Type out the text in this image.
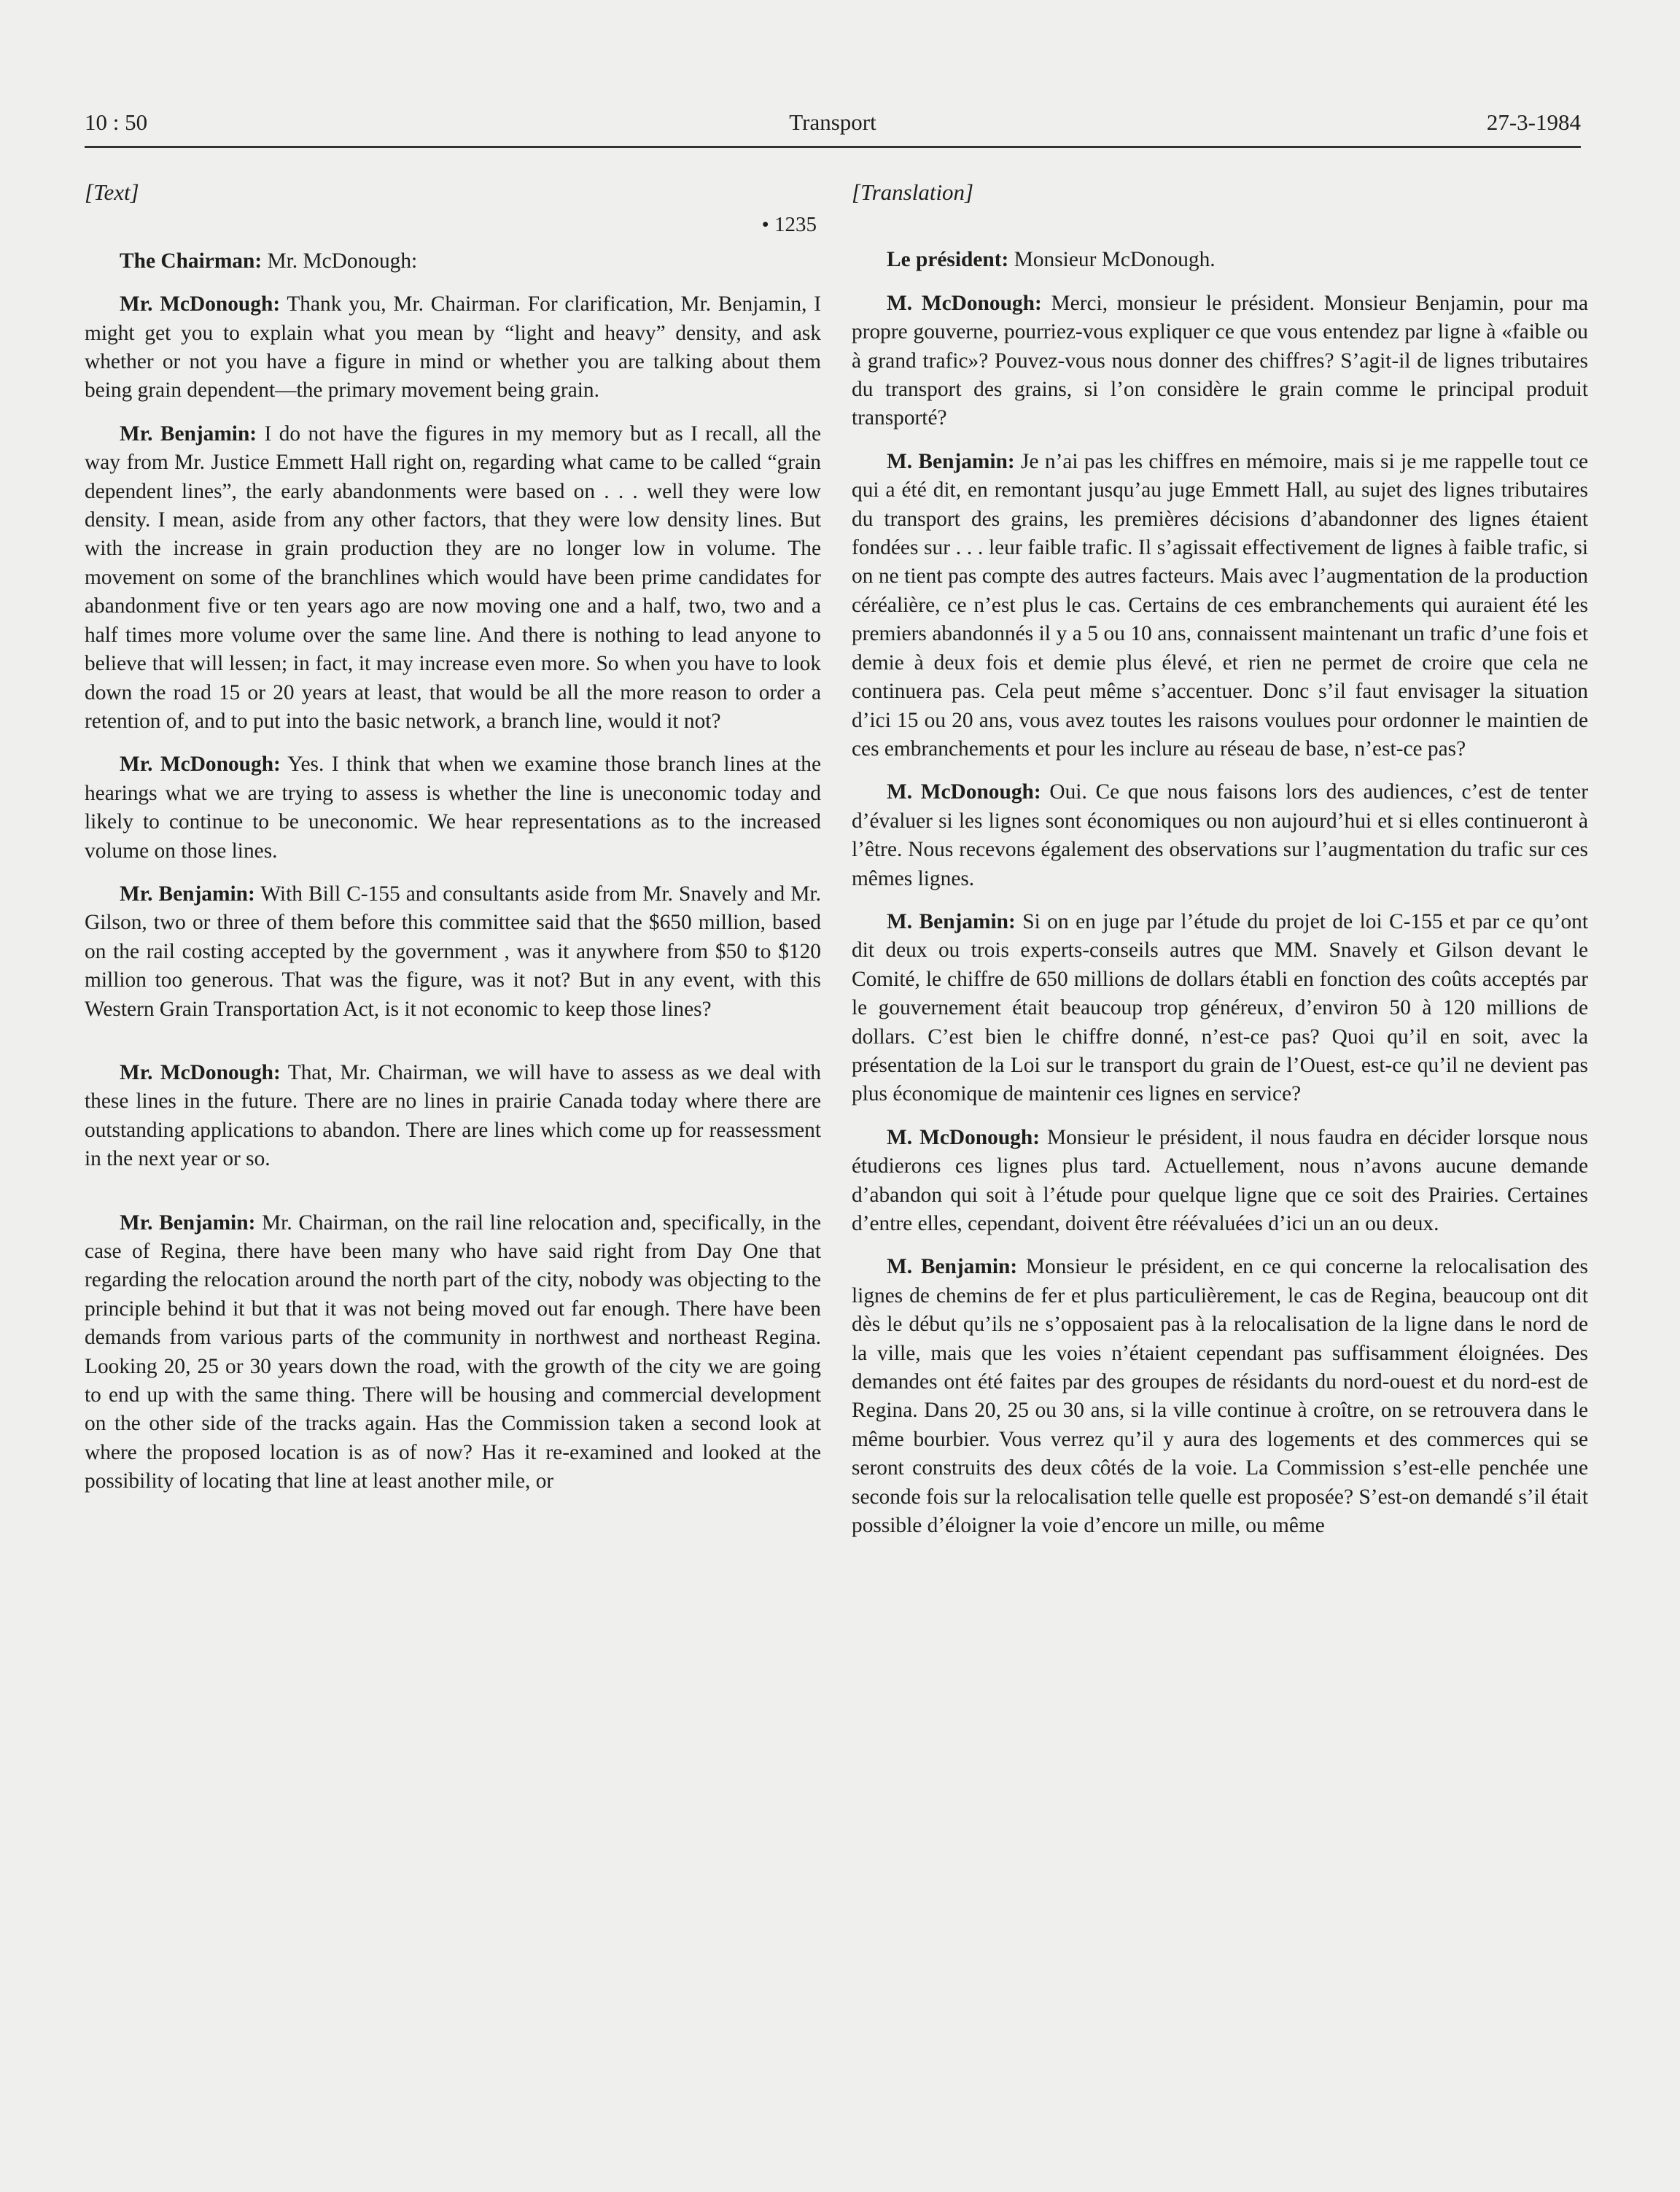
10 : 50	Transport	27-3-1984

[Text]

• 1235

The Chairman: Mr. McDonough:

Mr. McDonough: Thank you, Mr. Chairman. For clarification, Mr. Benjamin, I might get you to explain what you mean by “light and heavy” density, and ask whether or not you have a figure in mind or whether you are talking about them being grain dependent—the primary movement being grain.

Mr. Benjamin: I do not have the figures in my memory but as I recall, all the way from Mr. Justice Emmett Hall right on, regarding what came to be called “grain dependent lines”, the early abandonments were based on . . . well they were low density. I mean, aside from any other factors, that they were low density lines. But with the increase in grain production they are no longer low in volume. The movement on some of the branchlines which would have been prime candidates for abandonment five or ten years ago are now moving one and a half, two, two and a half times more volume over the same line. And there is nothing to lead anyone to believe that will lessen; in fact, it may increase even more. So when you have to look down the road 15 or 20 years at least, that would be all the more reason to order a retention of, and to put into the basic network, a branch line, would it not?

Mr. McDonough: Yes. I think that when we examine those branch lines at the hearings what we are trying to assess is whether the line is uneconomic today and likely to continue to be uneconomic. We hear representations as to the increased volume on those lines.

Mr. Benjamin: With Bill C-155 and consultants aside from Mr. Snavely and Mr. Gilson, two or three of them before this committee said that the $650 million, based on the rail costing accepted by the government , was it anywhere from $50 to $120 million too generous. That was the figure, was it not? But in any event, with this Western Grain Transportation Act, is it not economic to keep those lines?

Mr. McDonough: That, Mr. Chairman, we will have to assess as we deal with these lines in the future. There are no lines in prairie Canada today where there are outstanding applications to abandon. There are lines which come up for reassessment in the next year or so.

Mr. Benjamin: Mr. Chairman, on the rail line relocation and, specifically, in the case of Regina, there have been many who have said right from Day One that regarding the relocation around the north part of the city, nobody was objecting to the principle behind it but that it was not being moved out far enough. There have been demands from various parts of the community in northwest and northeast Regina. Looking 20, 25 or 30 years down the road, with the growth of the city we are going to end up with the same thing. There will be housing and commercial development on the other side of the tracks again. Has the Commission taken a second look at where the proposed location is as of now? Has it re-examined and looked at the possibility of locating that line at least another mile, or

[Translation]

Le président: Monsieur McDonough.

M. McDonough: Merci, monsieur le président. Monsieur Benjamin, pour ma propre gouverne, pourriez-vous expliquer ce que vous entendez par ligne à «faible ou à grand trafic»? Pouvez-vous nous donner des chiffres? S’agit-il de lignes tributaires du transport des grains, si l’on considère le grain comme le principal produit transporté?

M. Benjamin: Je n’ai pas les chiffres en mémoire, mais si je me rappelle tout ce qui a été dit, en remontant jusqu’au juge Emmett Hall, au sujet des lignes tributaires du transport des grains, les premières décisions d’abandonner des lignes étaient fondées sur . . . leur faible trafic. Il s’agissait effectivement de lignes à faible trafic, si on ne tient pas compte des autres facteurs. Mais avec l’augmentation de la production céréalière, ce n’est plus le cas. Certains de ces embranchements qui auraient été les premiers abandonnés il y a 5 ou 10 ans, connaissent maintenant un trafic d’une fois et demie à deux fois et demie plus élevé, et rien ne permet de croire que cela ne continuera pas. Cela peut même s’accentuer. Donc s’il faut envisager la situation d’ici 15 ou 20 ans, vous avez toutes les raisons voulues pour ordonner le maintien de ces embranchements et pour les inclure au réseau de base, n’est-ce pas?

M. McDonough: Oui. Ce que nous faisons lors des audiences, c’est de tenter d’évaluer si les lignes sont économiques ou non aujourd’hui et si elles continueront à l’être. Nous recevons également des observations sur l’augmentation du trafic sur ces mêmes lignes.

M. Benjamin: Si on en juge par l’étude du projet de loi C-155 et par ce qu’ont dit deux ou trois experts-conseils autres que MM. Snavely et Gilson devant le Comité, le chiffre de 650 millions de dollars établi en fonction des coûts acceptés par le gouvernement était beaucoup trop généreux, d’environ 50 à 120 millions de dollars. C’est bien le chiffre donné, n’est-ce pas? Quoi qu’il en soit, avec la présentation de la Loi sur le transport du grain de l’Ouest, est-ce qu’il ne devient pas plus économique de maintenir ces lignes en service?

M. McDonough: Monsieur le président, il nous faudra en décider lorsque nous étudierons ces lignes plus tard. Actuellement, nous n’avons aucune demande d’abandon qui soit à l’étude pour quelque ligne que ce soit des Prairies. Certaines d’entre elles, cependant, doivent être réévaluées d’ici un an ou deux.

M. Benjamin: Monsieur le président, en ce qui concerne la relocalisation des lignes de chemins de fer et plus particulièrement, le cas de Regina, beaucoup ont dit dès le début qu’ils ne s’opposaient pas à la relocalisation de la ligne dans le nord de la ville, mais que les voies n’étaient cependant pas suffisamment éloignées. Des demandes ont été faites par des groupes de résidants du nord-ouest et du nord-est de Regina. Dans 20, 25 ou 30 ans, si la ville continue à croître, on se retrouvera dans le même bourbier. Vous verrez qu’il y aura des logements et des commerces qui se seront construits des deux côtés de la voie. La Commission s’est-elle penchée une seconde fois sur la relocalisation telle quelle est proposée? S’est-on demandé s’il était possible d’éloigner la voie d’encore un mille, ou même
